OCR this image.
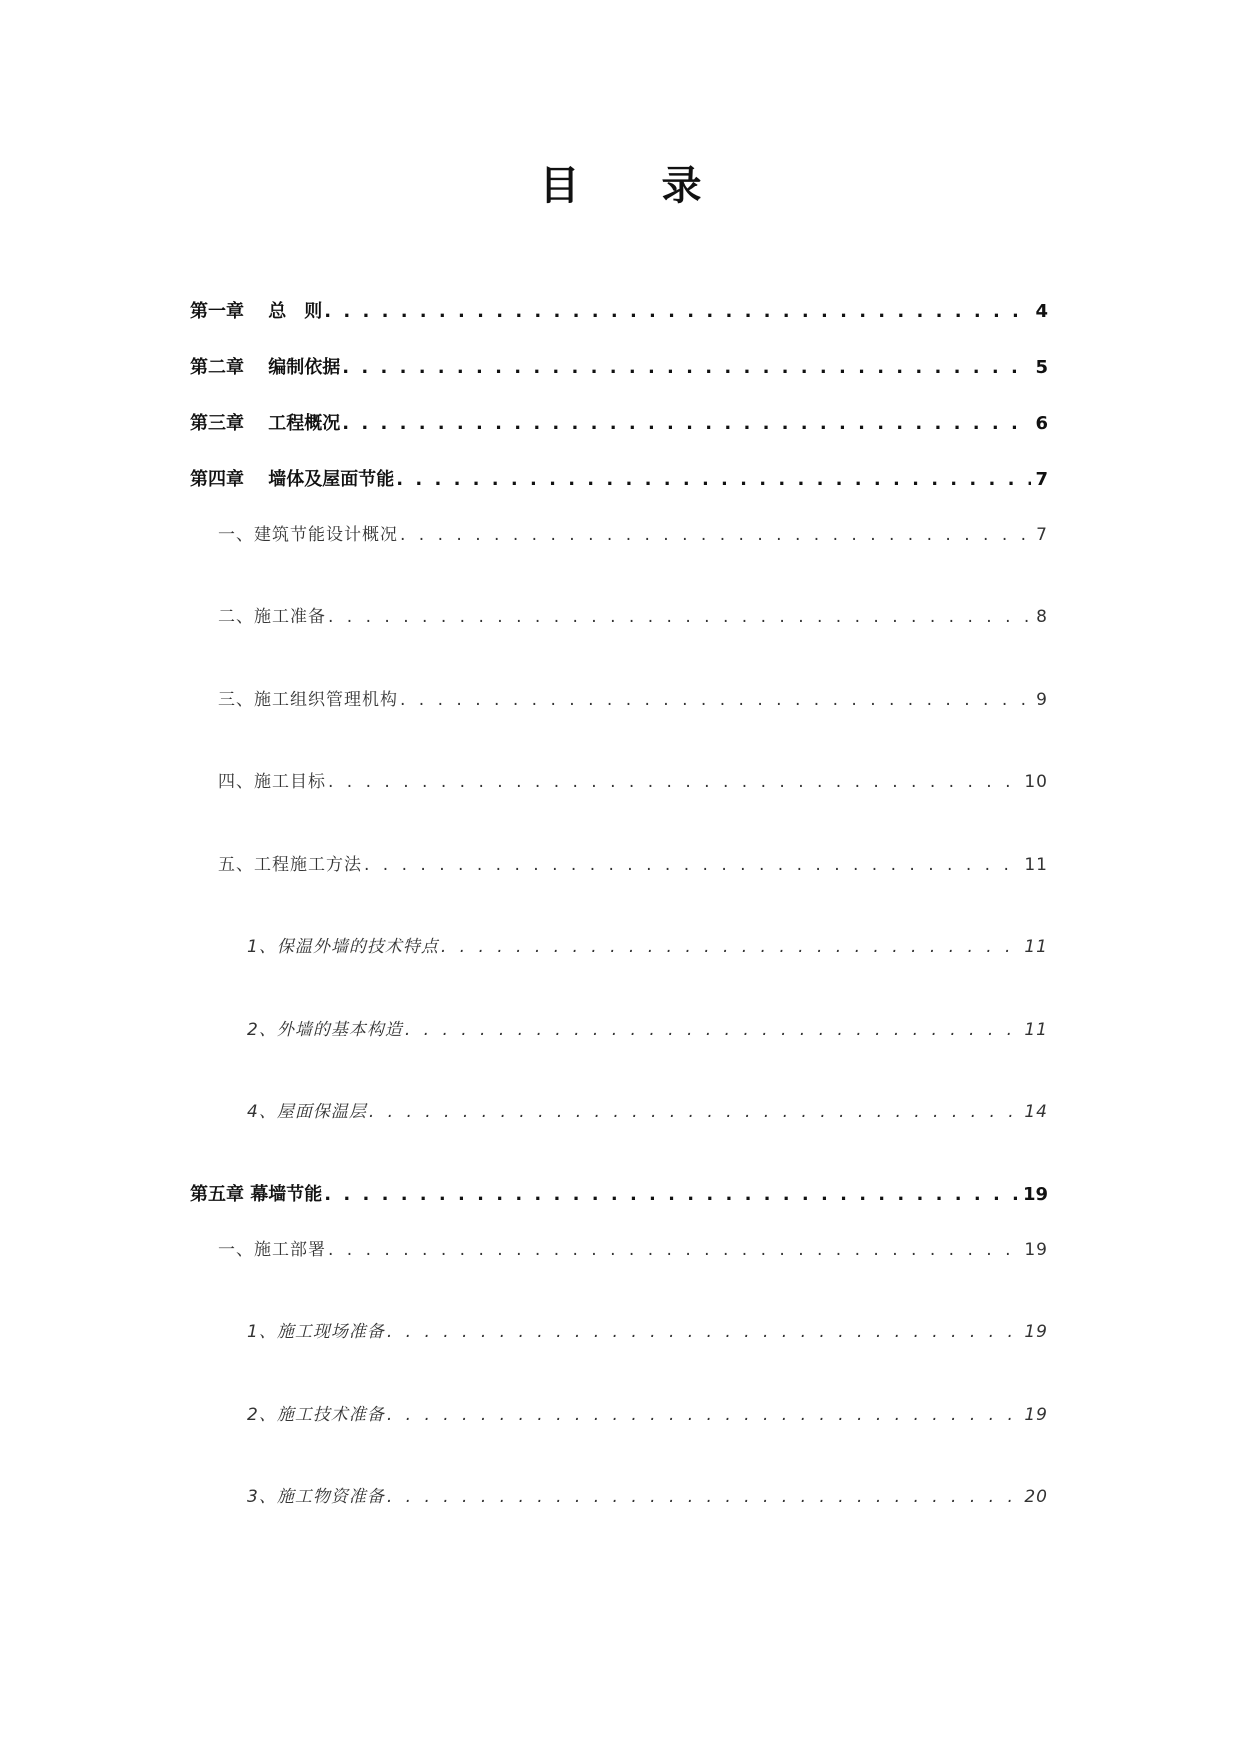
目 录
第一章　 总　则 . . .	4
第二章　 编制依据 . . .	5
第三章　 工程概况 . . .	6
第四章　 墙体及屋面节能 . . .	7
一、建筑节能设计概况 . . .	7
二、施工准备 . . .	8
三、施工组织管理机构 . . .	9
四、施工目标 . . .	10
五、工程施工方法 . . .	11
1、保温外墙的技术特点 . . .	11
2、外墙的基本构造 . . .	11
4、屋面保温层 . . .	14
第五章 幕墙节能 . . .	19
一、施工部署 . . .	19
1、施工现场准备 . . .	19
2、施工技术准备 . . .	19
3、施工物资准备 . . .	20
